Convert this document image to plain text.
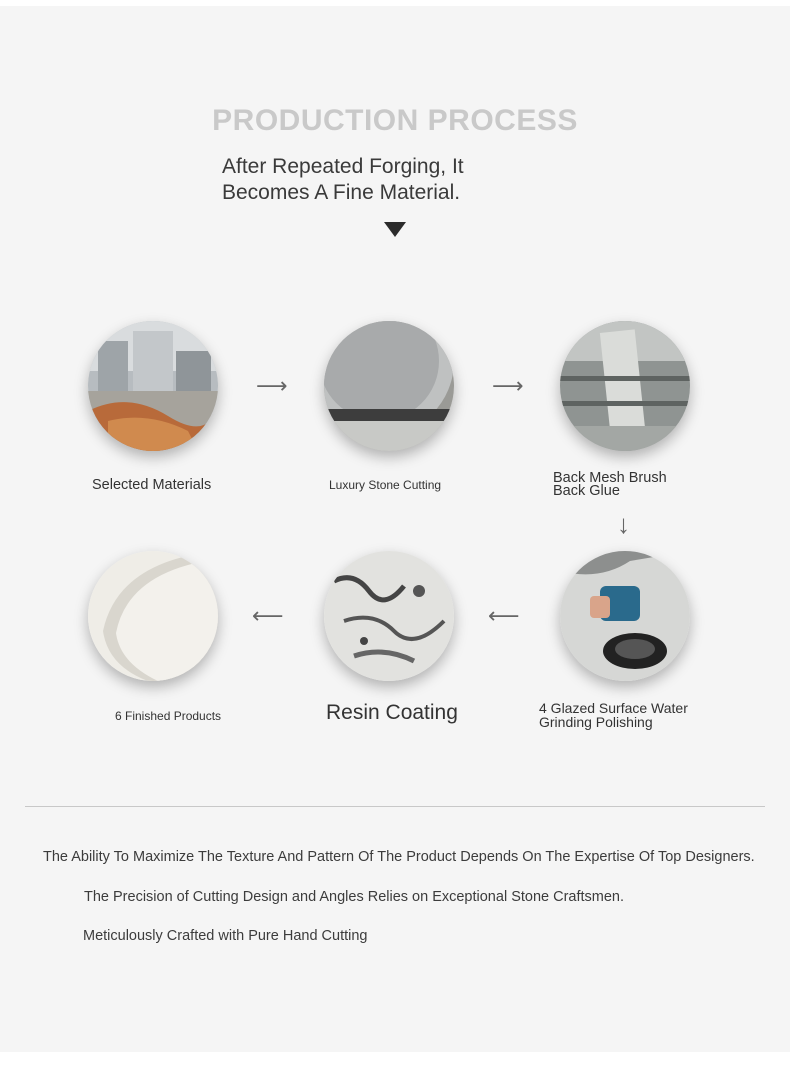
PRODUCTION PROCESS
After Repeated Forging, It
Becomes A Fine Material.
⟶	⟶
Selected Materials	Luxury Stone Cutting	Back Mesh Brush
Back Glue
↓
⟵	⟵
6 Finished Products	Resin Coating	4 Glazed Surface Water
Grinding Polishing
The Ability To Maximize The Texture And Pattern Of The Product Depends On The Expertise Of Top Designers.
The Precision of Cutting Design and Angles Relies on Exceptional Stone Craftsmen.
Meticulously Crafted with Pure Hand Cutting
